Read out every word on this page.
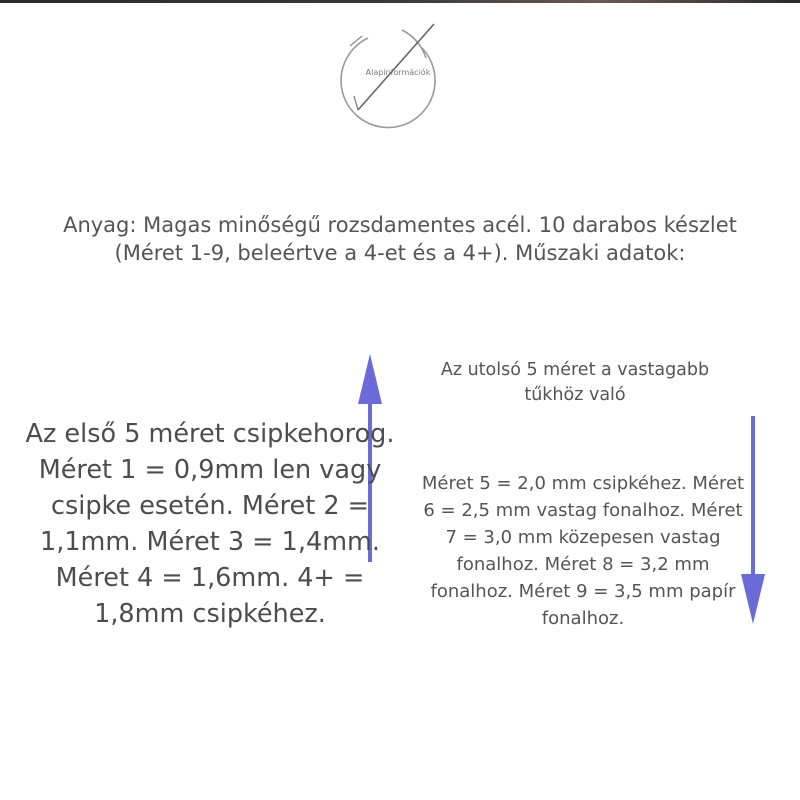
Alapinformációk
Anyag: Magas minőségű rozsdamentes acél. 10 darabos készlet
(Méret 1-9, beleértve a 4-et és a 4+). Műszaki adatok:
Az első 5 méret csipkehorog. Méret 1 = 0,9mm len vagy csipke esetén. Méret 2 = 1,1mm. Méret 3 = 1,4mm. Méret 4 = 1,6mm. 4+ = 1,8mm csipkéhez.
Az utolsó 5 méret a vastagabb tűkhöz való
Méret 5 = 2,0 mm csipkéhez. Méret 6 = 2,5 mm vastag fonalhoz. Méret 7 = 3,0 mm közepesen vastag fonalhoz. Méret 8 = 3,2 mm fonalhoz. Méret 9 = 3,5 mm papír fonalhoz.
